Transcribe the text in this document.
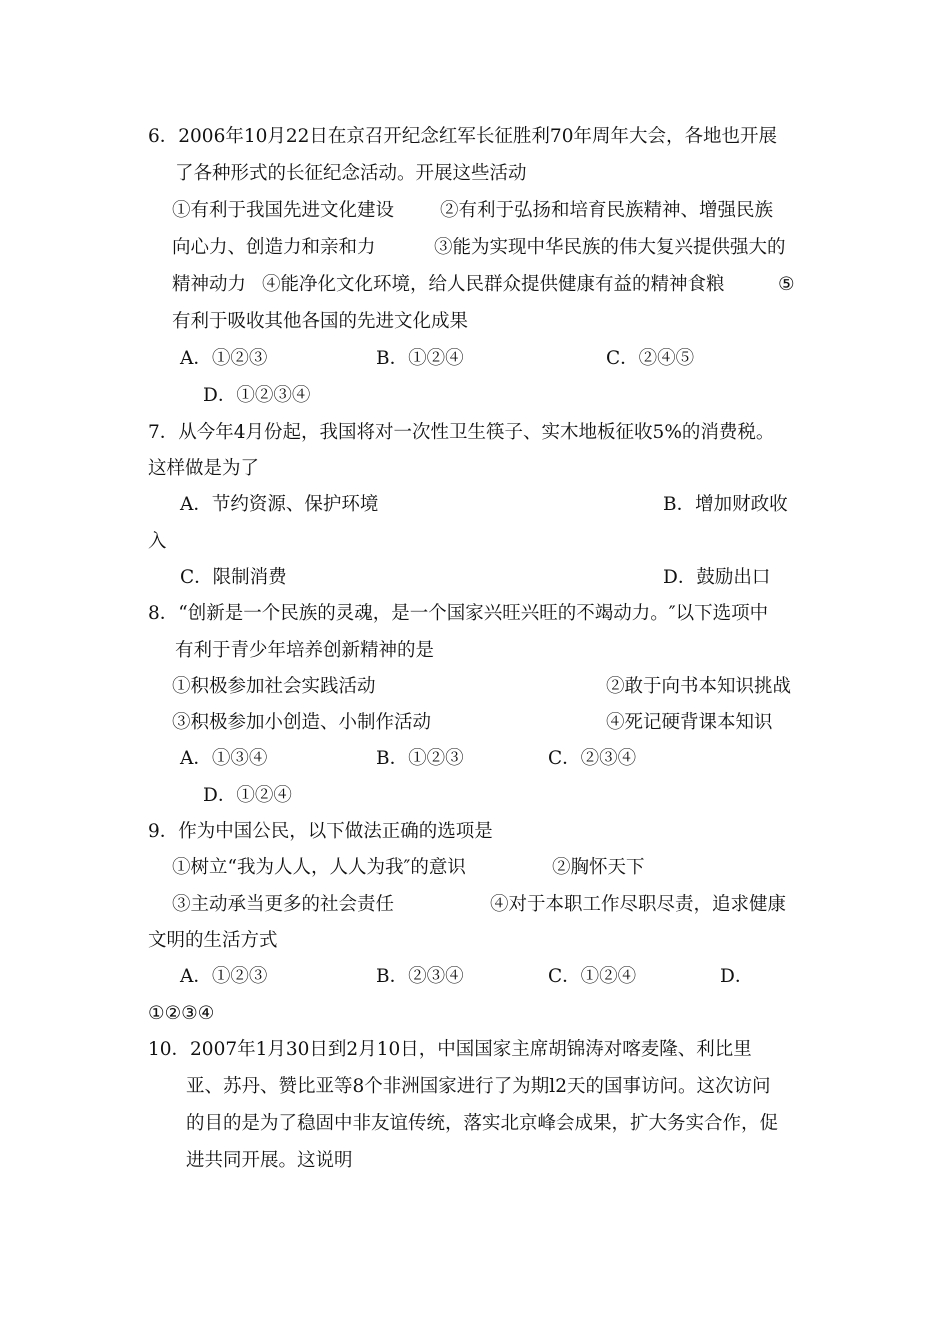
6．2006年10月22日在京召开纪念红军长征胜利70年周年大会，各地也开展
了各种形式的长征纪念活动。开展这些活动
①有利于我国先进文化建设 ②有利于弘扬和培育民族精神、增强民族
向心力、创造力和亲和力	③能为实现中华民族的伟大复兴提供强大的
精神动力 ④能净化文化环境，给人民群众提供健康有益的精神食粮	⑤
有利于吸收其他各国的先进文化成果
A．①②③	B．①②④	C．②④⑤
D．①②③④
7．从今年4月份起，我国将对一次性卫生筷子、实木地板征收5%的消费税。
这样做是为了
A．节约资源、保护环境	B．增加财政收
入
C．限制消费	D．鼓励出口
8．“创新是一个民族的灵魂，是一个国家兴旺兴旺的不竭动力。″以下选项中
有利于青少年培养创新精神的是
①积极参加社会实践活动	②敢于向书本知识挑战
③积极参加小创造、小制作活动	④死记硬背课本知识
A．①③④	B．①②③	C．②③④
D．①②④
9．作为中国公民，以下做法正确的选项是
①树立“我为人人，人人为我″的意识	②胸怀天下
③主动承当更多的社会责任	④对于本职工作尽职尽责，追求健康
文明的生活方式
A．①②③	B．②③④	C．①②④	D．
①②③④
10．2007年1月30日到2月10日，中国国家主席胡锦涛对喀麦隆、利比里
亚、苏丹、赞比亚等8个非洲国家进行了为期l2天的国事访问。这次访问
的目的是为了稳固中非友谊传统，落实北京峰会成果，扩大务实合作，促
进共同开展。这说明
